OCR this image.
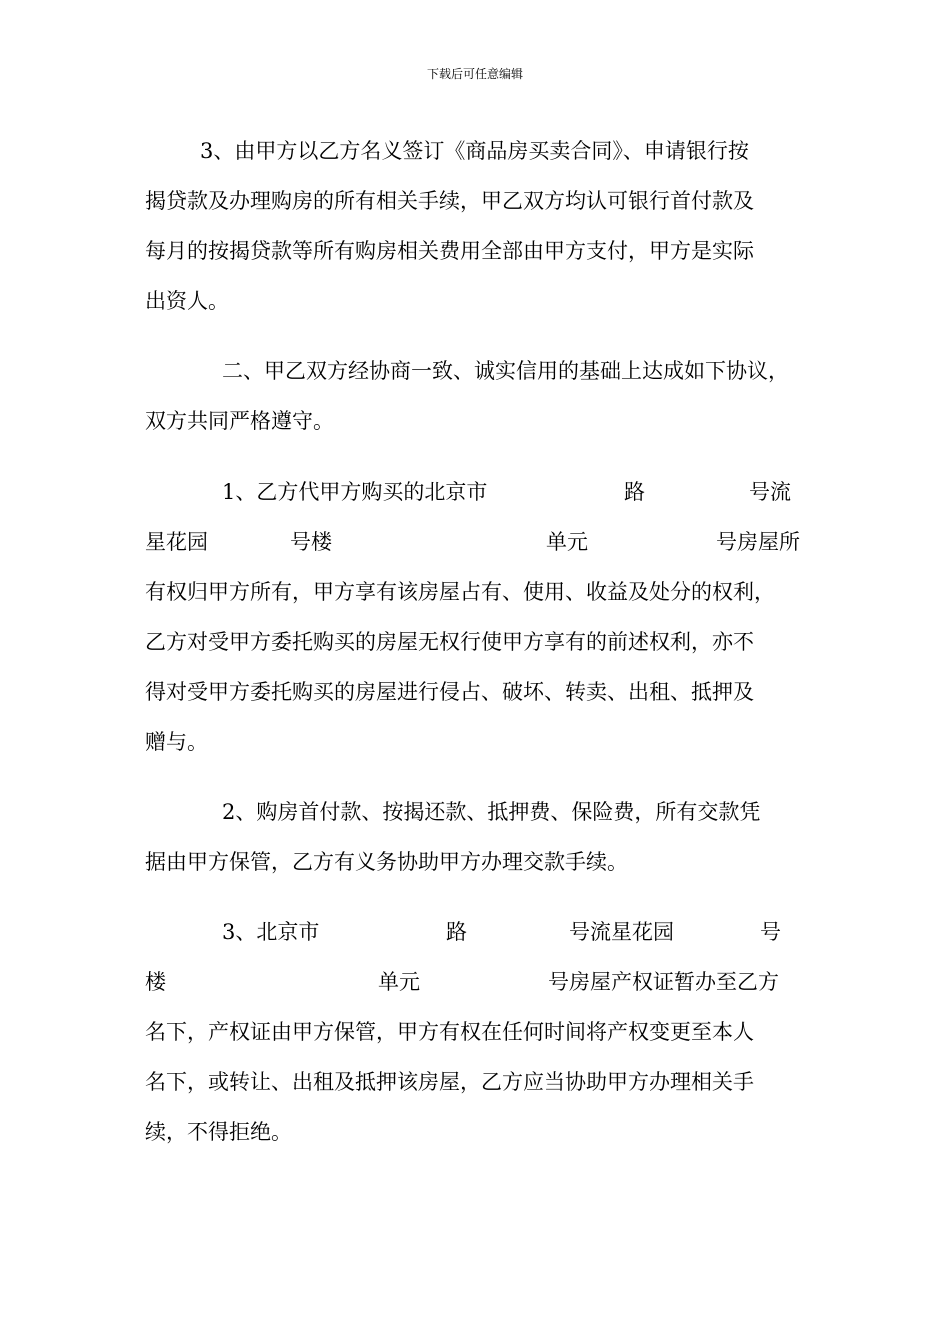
下载后可任意编辑
3、由甲方以乙方名义签订《商品房买卖合同》、申请银行按
揭贷款及办理购房的所有相关手续，甲乙双方均认可银行首付款及
每月的按揭贷款等所有购房相关费用全部由甲方支付，甲方是实际
出资人。
二、甲乙双方经协商一致、诚实信用的基础上达成如下协议，
双方共同严格遵守。

1、乙方代甲方购买的北京市

	路

	号流

星花园

	号楼

	单元

	号房屋所

有权归甲方所有，甲方享有该房屋占有、使用、收益及处分的权利，
乙方对受甲方委托购买的房屋无权行使甲方享有的前述权利，亦不
得对受甲方委托购买的房屋进行侵占、破坏、转卖、出租、抵押及
赠与。
2、购房首付款、按揭还款、抵押费、保险费，所有交款凭
据由甲方保管，乙方有义务协助甲方办理交款手续。

3、北京市

	路

	号流星花园

	号

楼

	单元

	号房屋产权证暂办至乙方

名下，产权证由甲方保管，甲方有权在任何时间将产权变更至本人
名下，或转让、出租及抵押该房屋，乙方应当协助甲方办理相关手
续，不得拒绝。
